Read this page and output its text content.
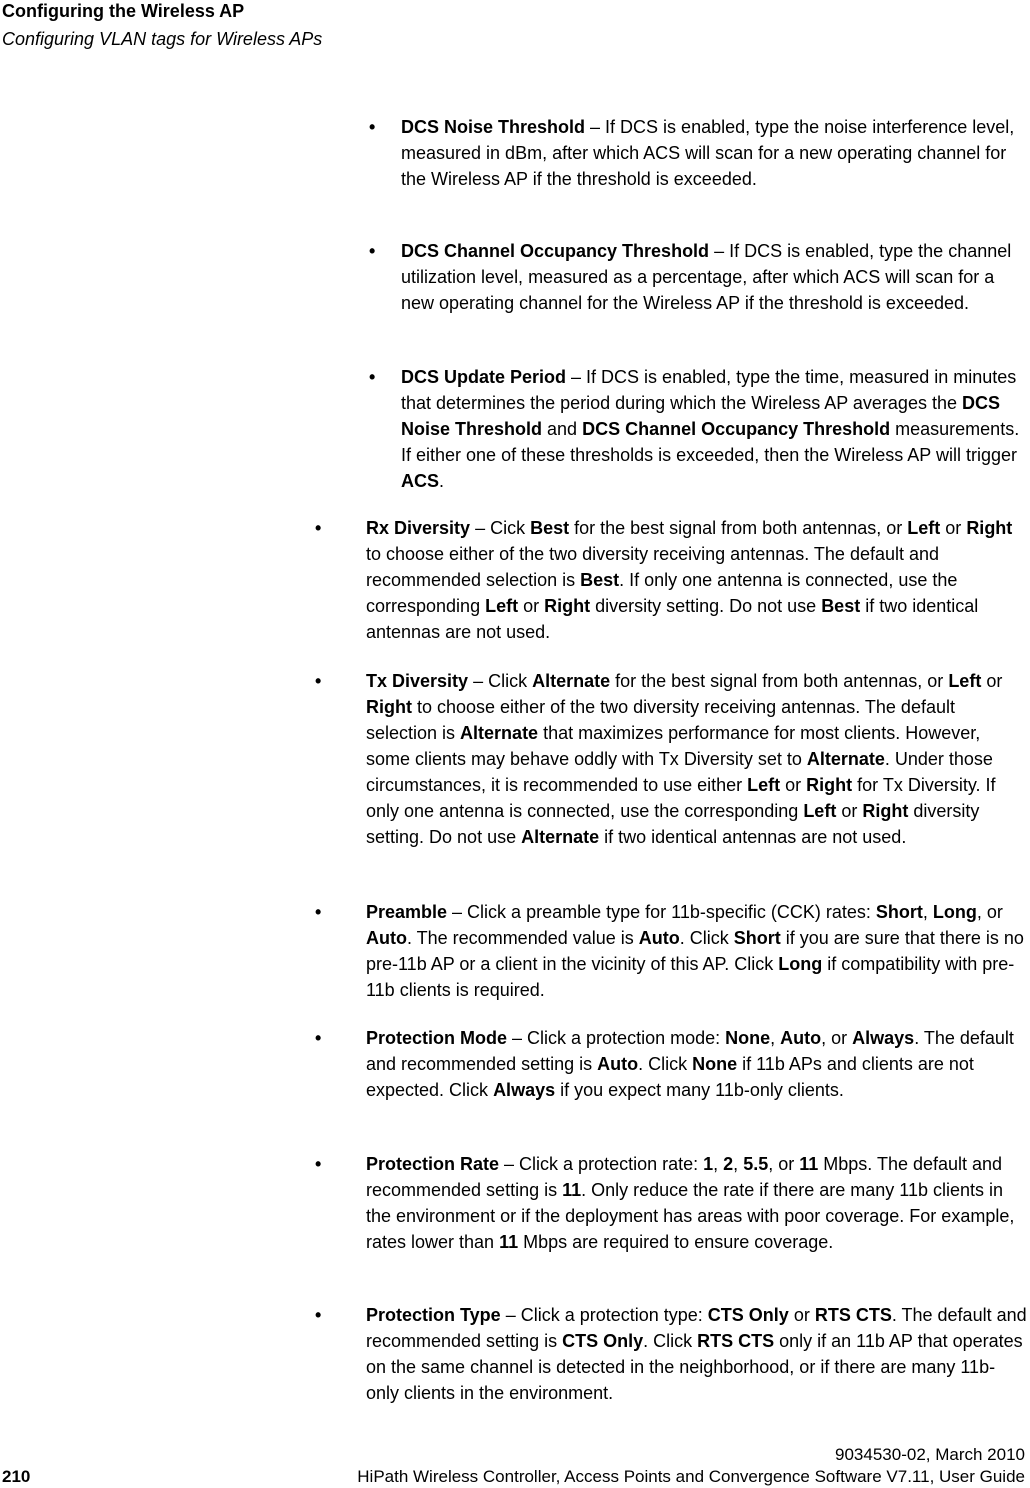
Configuring the Wireless AP
Configuring VLAN tags for Wireless APs
• DCS Noise Threshold – If DCS is enabled, type the noise interference level, measured in dBm, after which ACS will scan for a new operating channel for the Wireless AP if the threshold is exceeded.
• DCS Channel Occupancy Threshold – If DCS is enabled, type the channel utilization level, measured as a percentage, after which ACS will scan for a new operating channel for the Wireless AP if the threshold is exceeded.
• DCS Update Period – If DCS is enabled, type the time, measured in minutes that determines the period during which the Wireless AP averages the DCS Noise Threshold and DCS Channel Occupancy Threshold measurements. If either one of these thresholds is exceeded, then the Wireless AP will trigger ACS.
• Rx Diversity – Cick Best for the best signal from both antennas, or Left or Right to choose either of the two diversity receiving antennas. The default and recommended selection is Best. If only one antenna is connected, use the corresponding Left or Right diversity setting. Do not use Best if two identical antennas are not used.
• Tx Diversity – Click Alternate for the best signal from both antennas, or Left or Right to choose either of the two diversity receiving antennas. The default selection is Alternate that maximizes performance for most clients. However, some clients may behave oddly with Tx Diversity set to Alternate. Under those circumstances, it is recommended to use either Left or Right for Tx Diversity. If only one antenna is connected, use the corresponding Left or Right diversity setting. Do not use Alternate if two identical antennas are not used.
• Preamble – Click a preamble type for 11b-specific (CCK) rates: Short, Long, or Auto. The recommended value is Auto. Click Short if you are sure that there is no pre-11b AP or a client in the vicinity of this AP. Click Long if compatibility with pre-11b clients is required.
• Protection Mode – Click a protection mode: None, Auto, or Always. The default and recommended setting is Auto. Click None if 11b APs and clients are not expected. Click Always if you expect many 11b-only clients.
• Protection Rate – Click a protection rate: 1, 2, 5.5, or 11 Mbps. The default and recommended setting is 11. Only reduce the rate if there are many 11b clients in the environment or if the deployment has areas with poor coverage. For example, rates lower than 11 Mbps are required to ensure coverage.
• Protection Type – Click a protection type: CTS Only or RTS CTS. The default and recommended setting is CTS Only. Click RTS CTS only if an 11b AP that operates on the same channel is detected in the neighborhood, or if there are many 11b-only clients in the environment.
9034530-02, March 2010
210	HiPath Wireless Controller, Access Points and Convergence Software V7.11, User Guide
